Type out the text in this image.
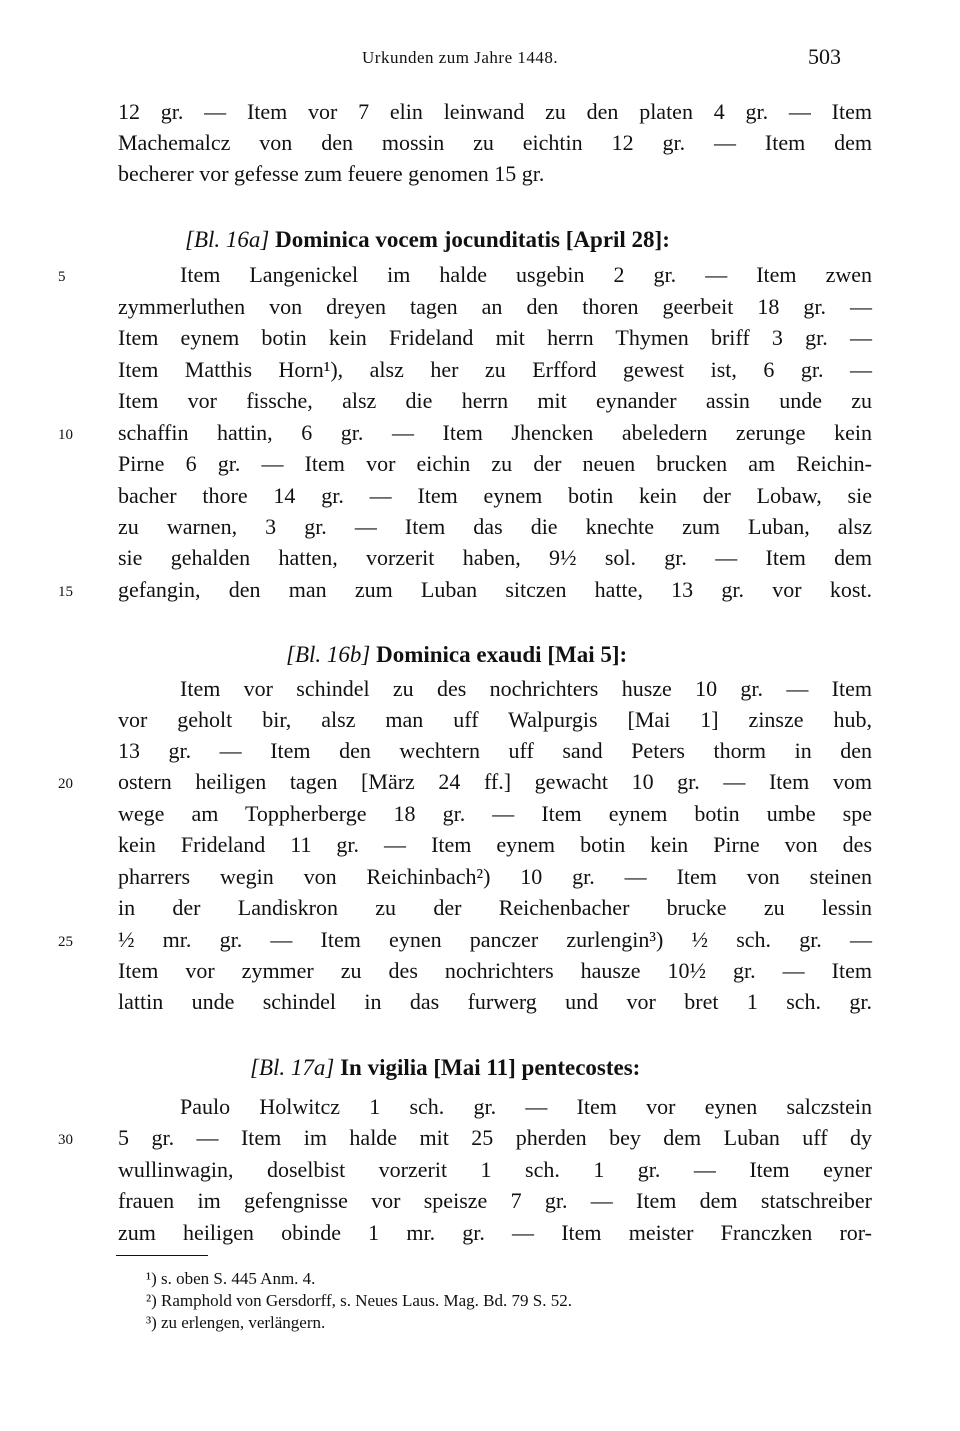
Urkunden zum Jahre 1448.	503
12 gr. — Item vor 7 elin leinwand zu den platen 4 gr. — Item
Machemalcz von den mossin zu eichtin 12 gr. — Item dem
becherer vor gefesse zum feuere genomen 15 gr.
[Bl. 16a] Dominica vocem jocunditatis [April 28]:
Item Langenickel im halde usgebin 2 gr. — Item zwen
zymmerluthen von dreyen tagen an den thoren geerbeit 18 gr. —
Item eynem botin kein Frideland mit herrn Thymen briff 3 gr. —
Item Matthis Horn¹), alsz her zu Erfford gewest ist, 6 gr. —
Item vor fissche, alsz die herrn mit eynander assin unde zu
schaffin hattin, 6 gr. — Item Jhencken abeledern zerunge kein
Pirne 6 gr. — Item vor eichin zu der neuen brucken am Reichin-
bacher thore 14 gr. — Item eynem botin kein der Lobaw, sie
zu warnen, 3 gr. — Item das die knechte zum Luban, alsz
sie gehalden hatten, vorzerit haben, 9½ sol. gr. — Item dem
gefangin, den man zum Luban sitczen hatte, 13 gr. vor kost.
[Bl. 16b] Dominica exaudi [Mai 5]:
Item vor schindel zu des nochrichters husze 10 gr. — Item
vor geholt bir, alsz man uff Walpurgis [Mai 1] zinsze hub,
13 gr. — Item den wechtern uff sand Peters thorm in den
ostern heiligen tagen [März 24 ff.] gewacht 10 gr. — Item vom
wege am Toppherberge 18 gr. — Item eynem botin umbe spe
kein Frideland 11 gr. — Item eynem botin kein Pirne von des
pharrers wegin von Reichinbach²) 10 gr. — Item von steinen
in der Landiskron zu der Reichenbacher brucke zu lessin
½ mr. gr. — Item eynen panczer zurlengin³) ½ sch. gr. —
Item vor zymmer zu des nochrichters hausze 10½ gr. — Item
lattin unde schindel in das furwerg und vor bret 1 sch. gr.
[Bl. 17a] In vigilia [Mai 11] pentecostes:
Paulo Holwitcz 1 sch. gr. — Item vor eynen salczstein
5 gr. — Item im halde mit 25 pherden bey dem Luban uff dy
wullinwagin, doselbist vorzerit 1 sch. 1 gr. — Item eyner
frauen im gefengnisse vor speisze 7 gr. — Item dem statschreiber
zum heiligen obinde 1 mr. gr. — Item meister Franczken ror-
5
10
15
20
25
30
¹) s. oben S. 445 Anm. 4.
²) Ramphold von Gersdorff, s. Neues Laus. Mag. Bd. 79 S. 52.
³) zu erlengen, verlängern.
